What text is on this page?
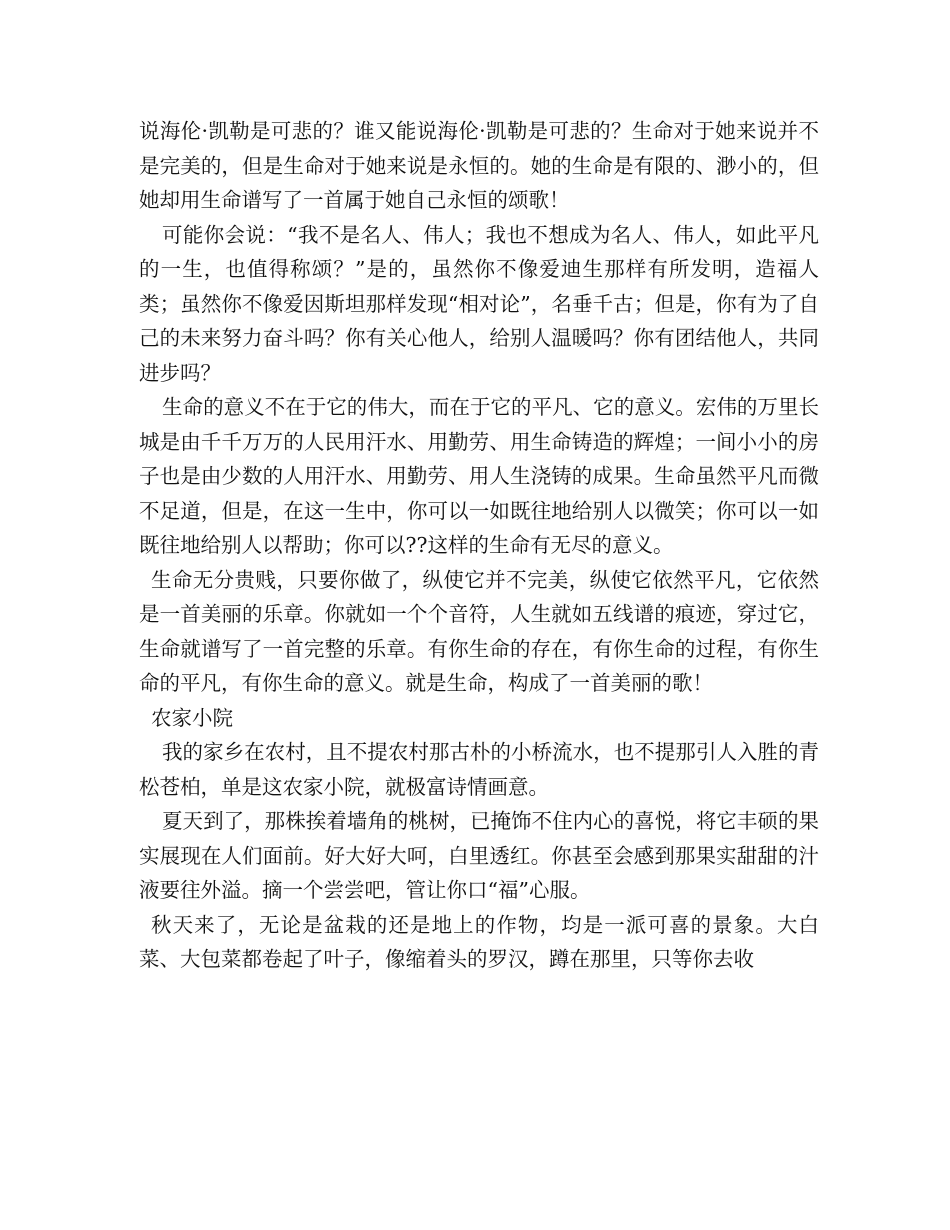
说海伦·凯勒是可悲的？谁又能说海伦·凯勒是可悲的？生命对于她来说并不是完美的，但是生命对于她来说是永恒的。她的生命是有限的、渺小的，但她却用生命谱写了一首属于她自己永恒的颂歌！

可能你会说：“我不是名人、伟人；我也不想成为名人、伟人，如此平凡的一生，也值得称颂？”是的，虽然你不像爱迪生那样有所发明，造福人类；虽然你不像爱因斯坦那样发现“相对论”，名垂千古；但是，你有为了自己的未来努力奋斗吗？你有关心他人，给别人温暖吗？你有团结他人，共同进步吗？

生命的意义不在于它的伟大，而在于它的平凡、它的意义。宏伟的万里长城是由千千万万的人民用汗水、用勤劳、用生命铸造的辉煌；一间小小的房子也是由少数的人用汗水、用勤劳、用人生浇铸的成果。生命虽然平凡而微不足道，但是，在这一生中，你可以一如既往地给别人以微笑；你可以一如既往地给别人以帮助；你可以??这样的生命有无尽的意义。

生命无分贵贱，只要你做了，纵使它并不完美，纵使它依然平凡，它依然是一首美丽的乐章。你就如一个个音符，人生就如五线谱的痕迹，穿过它，生命就谱写了一首完整的乐章。有你生命的存在，有你生命的过程，有你生命的平凡，有你生命的意义。就是生命，构成了一首美丽的歌！

农家小院

我的家乡在农村，且不提农村那古朴的小桥流水，也不提那引人入胜的青松苍柏，单是这农家小院，就极富诗情画意。

夏天到了，那株挨着墙角的桃树，已掩饰不住内心的喜悦，将它丰硕的果实展现在人们面前。好大好大呵，白里透红。你甚至会感到那果实甜甜的汁液要往外溢。摘一个尝尝吧，管让你口“福”心服。

秋天来了，无论是盆栽的还是地上的作物，均是一派可喜的景象。大白菜、大包菜都卷起了叶子，像缩着头的罗汉，蹲在那里，只等你去收
